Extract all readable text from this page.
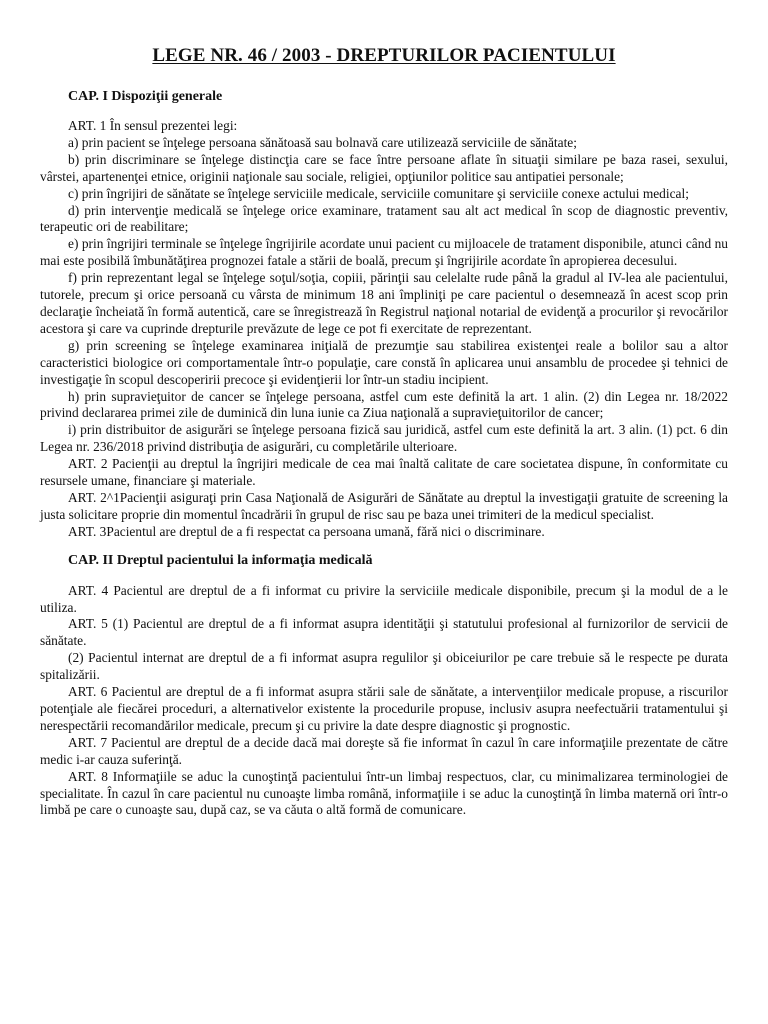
LEGE NR. 46 / 2003 - DREPTURILOR PACIENTULUI
CAP. I Dispoziţii generale

ART. 1 În sensul prezentei legi:

a) prin pacient se înţelege persoana sănătoasă sau bolnavă care utilizează serviciile de sănătate;

b) prin discriminare se înţelege distincţia care se face între persoane aflate în situaţii similare pe baza rasei, sexului, vârstei, apartenenţei etnice, originii naţionale sau sociale, religiei, opţiunilor politice sau antipatiei personale;

c) prin îngrijiri de sănătate se înţelege serviciile medicale, serviciile comunitare şi serviciile conexe actului medical;

d) prin intervenţie medicală se înţelege orice examinare, tratament sau alt act medical în scop de diagnostic preventiv, terapeutic ori de reabilitare;

e) prin îngrijiri terminale se înţelege îngrijirile acordate unui pacient cu mijloacele de tratament disponibile, atunci când nu mai este posibilă îmbunătăţirea prognozei fatale a stării de boală, precum şi îngrijirile acordate în apropierea decesului.

f) prin reprezentant legal se înţelege soţul/soţia, copiii, părinţii sau celelalte rude până la gradul al IV-lea ale pacientului, tutorele, precum şi orice persoană cu vârsta de minimum 18 ani împliniţi pe care pacientul o desemnează în acest scop prin declaraţie încheiată în formă autentică, care se înregistrează în Registrul naţional notarial de evidenţă a procurilor şi revocărilor acestora şi care va cuprinde drepturile prevăzute de lege ce pot fi exercitate de reprezentant.

g) prin screening se înţelege examinarea iniţială de prezumţie sau stabilirea existenţei reale a bolilor sau a altor caracteristici biologice ori comportamentale într-o populaţie, care constă în aplicarea unui ansamblu de procedee şi tehnici de investigaţie în scopul descoperirii precoce şi evidenţierii lor într-un stadiu incipient.

h) prin supravieţuitor de cancer se înţelege persoana, astfel cum este definită la art. 1 alin. (2) din Legea nr. 18/2022 privind declararea primei zile de duminică din luna iunie ca Ziua naţională a supravieţuitorilor de cancer;

i) prin distribuitor de asigurări se înţelege persoana fizică sau juridică, astfel cum este definită la art. 3 alin. (1) pct. 6 din Legea nr. 236/2018 privind distribuţia de asigurări, cu completările ulterioare.

ART. 2 Pacienţii au dreptul la îngrijiri medicale de cea mai înaltă calitate de care societatea dispune, în conformitate cu resursele umane, financiare şi materiale.

ART. 2^1Pacienţii asiguraţi prin Casa Naţională de Asigurări de Sănătate au dreptul la investigaţii gratuite de screening la justa solicitare proprie din momentul încadrării în grupul de risc sau pe baza unei trimiteri de la medicul specialist.

ART. 3Pacientul are dreptul de a fi respectat ca persoana umană, fără nici o discriminare.

CAP. II Dreptul pacientului la informaţia medicală

ART. 4 Pacientul are dreptul de a fi informat cu privire la serviciile medicale disponibile, precum şi la modul de a le utiliza.

ART. 5 (1) Pacientul are dreptul de a fi informat asupra identităţii şi statutului profesional al furnizorilor de servicii de sănătate.

(2) Pacientul internat are dreptul de a fi informat asupra regulilor şi obiceiurilor pe care trebuie să le respecte pe durata spitalizării.

ART. 6 Pacientul are dreptul de a fi informat asupra stării sale de sănătate, a intervenţiilor medicale propuse, a riscurilor potenţiale ale fiecărei proceduri, a alternativelor existente la procedurile propuse, inclusiv asupra neefectuării tratamentului şi nerespectării recomandărilor medicale, precum şi cu privire la date despre diagnostic şi prognostic.

ART. 7 Pacientul are dreptul de a decide dacă mai doreşte să fie informat în cazul în care informaţiile prezentate de către medic i-ar cauza suferinţă.

ART. 8 Informaţiile se aduc la cunoştinţă pacientului într-un limbaj respectuos, clar, cu minimalizarea terminologiei de specialitate. În cazul în care pacientul nu cunoaşte limba română, informaţiile i se aduc la cunoştinţă în limba maternă ori într-o limbă pe care o cunoaşte sau, după caz, se va căuta o altă formă de comunicare.
